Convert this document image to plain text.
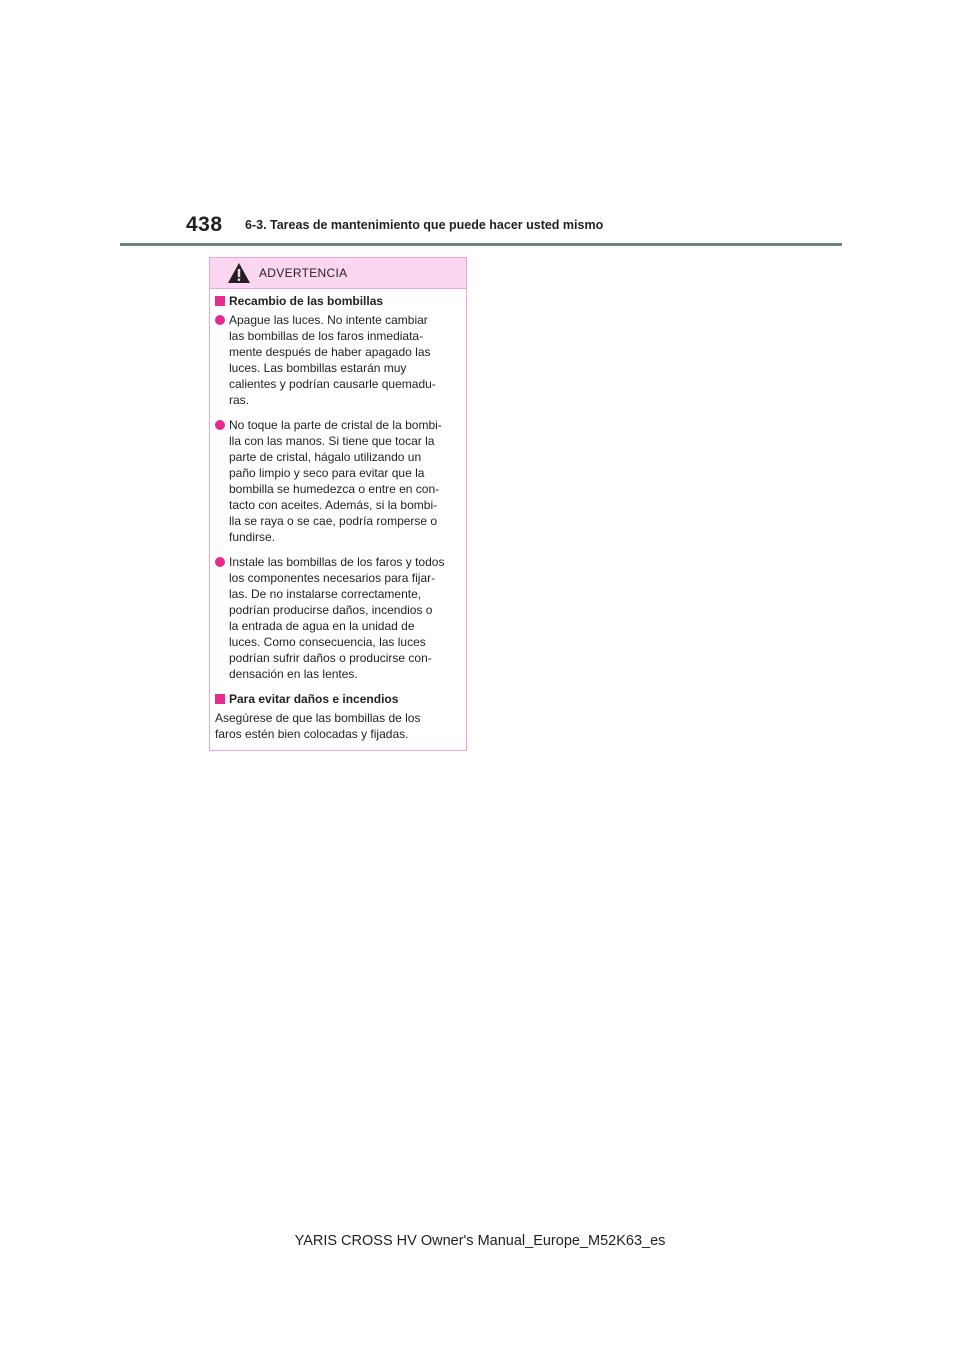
438 6-3. Tareas de mantenimiento que puede hacer usted mismo
ADVERTENCIA
Recambio de las bombillas
Apague las luces. No intente cambiar
las bombillas de los faros inmediata-
mente después de haber apagado las
luces. Las bombillas estarán muy
calientes y podrían causarle quemadu-
ras.
No toque la parte de cristal de la bombi-
lla con las manos. Si tiene que tocar la
parte de cristal, hágalo utilizando un
paño limpio y seco para evitar que la
bombilla se humedezca o entre en con-
tacto con aceites. Además, si la bombi-
lla se raya o se cae, podría romperse o
fundirse.
Instale las bombillas de los faros y todos
los componentes necesarios para fijar-
las. De no instalarse correctamente,
podrían producirse daños, incendios o
la entrada de agua en la unidad de
luces. Como consecuencia, las luces
podrían sufrir daños o producirse con-
densación en las lentes.
Para evitar daños e incendios
Asegúrese de que las bombillas de los
faros estén bien colocadas y fijadas.
YARIS CROSS HV Owner's Manual_Europe_M52K63_es
